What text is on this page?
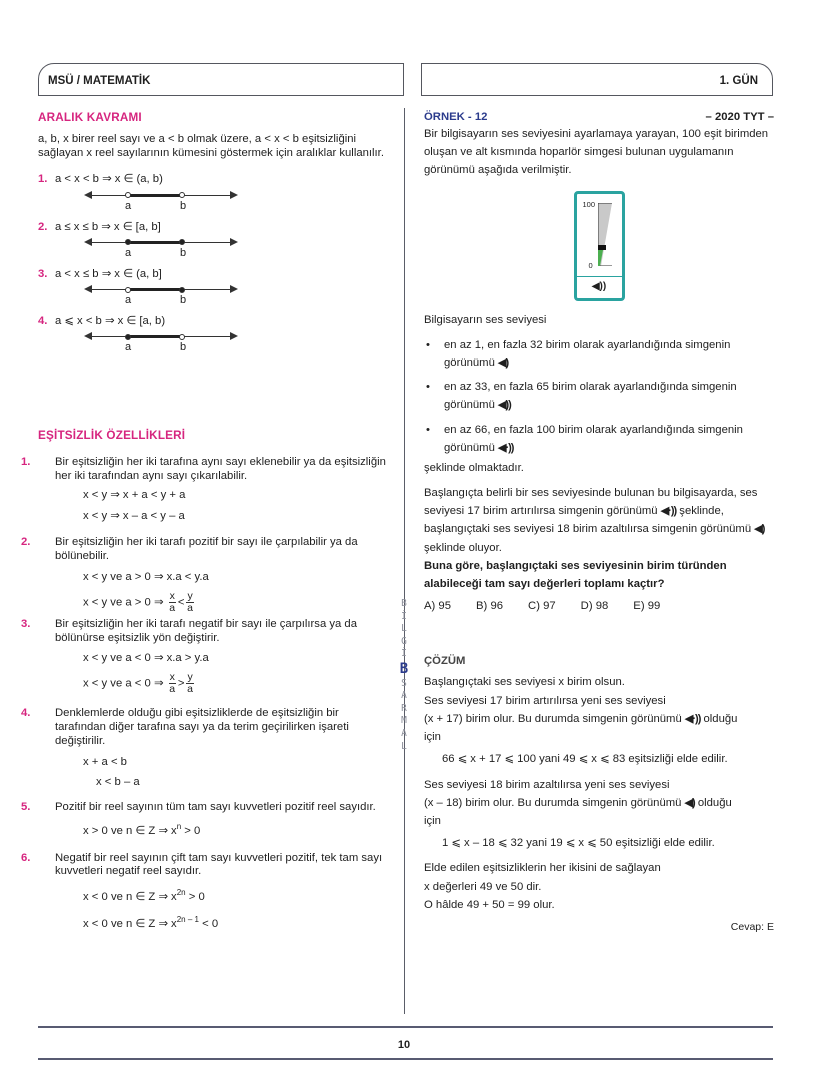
MSÜ / MATEMATİK	1. GÜN
B
İ
L
G
İ
B
S
A
R
M
A
L
ARALIK KAVRAMI

a, b, x birer reel sayı ve a < b olmak üzere, a < x < b eşitsizliğini sağlayan x reel sayılarının kümesini göstermek için aralıklar kullanılır.

1. a < x < b ⇒ x ∈ (a, b)
a	b
2. a ≤ x ≤ b ⇒ x ∈ [a, b]
a	b
3. a < x ≤ b ⇒ x ∈ (a, b]
a	b
4. a ⩽ x < b ⇒ x ∈ [a, b)
a	b
EŞİTSİZLİK ÖZELLİKLERİ

1. Bir eşitsizliğin her iki tarafına aynı sayı eklenebilir ya da eşitsizliğin her iki tarafından aynı sayı çıkarılabilir.

x < y ⇒ x + a < y + a
x < y ⇒ x – a < y – a

2. Bir eşitsizliğin her iki tarafı pozitif bir sayı ile çarpılabilir ya da bölünebilir.

x < y ve a > 0 ⇒ x.a < y.a
x < y ve a > 0 ⇒ $\frac{x}{a} < \frac{y}{a}$

3. Bir eşitsizliğin her iki tarafı negatif bir sayı ile çarpılırsa ya da bölünürse eşitsizlik yön değiştirir.

x < y ve a < 0 ⇒ x.a > y.a
x < y ve a < 0 ⇒ $\frac{x}{a} > \frac{y}{a}$

4. Denklemlerde olduğu gibi eşitsizliklerde de eşitsizliğin bir tarafından diğer tarafına sayı ya da terim geçirilirken işareti değiştirilir.

x + a < b
x < b – a

5. Pozitif bir reel sayının tüm tam sayı kuvvetleri pozitif reel sayıdır.

x > 0 ve n ∈ Z ⇒ $x^n > 0$

6. Negatif bir reel sayının çift tam sayı kuvvetleri pozitif, tek tam sayı kuvvetleri negatif reel sayıdır.

x < 0 ve n ∈ Z ⇒ $x^{2n} > 0$
x < 0 ve n ∈ Z ⇒ $x^{2n - 1} < 0$
ÖRNEK - 12	– 2020 TYT –

Bir bilgisayarın ses seviyesini ayarlamaya yarayan, 100 eşit birimden oluşan ve alt kısmında hoparlör simgesi bulunan uygulamanın görünümü aşağıda verilmiştir.

100
0
◀))

Bilgisayarın ses seviyesi

•	en az 1, en fazla 32 birim olarak ayarlandığında simgenin görünümü ◀)
•	en az 33, en fazla 65 birim olarak ayarlandığında simgenin görünümü ◀))
•	en az 66, en fazla 100 birim olarak ayarlandığında simgenin görünümü ◀·))

şeklinde olmaktadır.

Başlangıçta belirli bir ses seviyesinde bulunan bu bilgisayarda, ses seviyesi 17 birim artırılırsa simgenin görünümü ◀·)) şeklinde, başlangıçtaki ses seviyesi 18 birim azaltılırsa simgenin görünümü ◀) şeklinde oluyor.

Buna göre, başlangıçtaki ses seviyesinin birim türünden alabileceği tam sayı değerleri toplamı kaçtır?

A) 95 B) 96 C) 97 D) 98 E) 99
ÇÖZÜM

Başlangıçtaki ses seviyesi x birim olsun.

Ses seviyesi 17 birim artırılırsa yeni ses seviyesi

(x + 17) birim olur. Bu durumda simgenin görünümü ◀·)) olduğu

için

66 ⩽ x + 17 ⩽ 100 yani 49 ⩽ x ⩽ 83 eşitsizliği elde edilir.

Ses seviyesi 18 birim azaltılırsa yeni ses seviyesi

(x – 18) birim olur. Bu durumda simgenin görünümü ◀) olduğu

için

1 ⩽ x – 18 ⩽ 32 yani 19 ⩽ x ⩽ 50 eşitsizliği elde edilir.

Elde edilen eşitsizliklerin her ikisini de sağlayan

x değerleri 49 ve 50 dir.

O hâlde 49 + 50 = 99 olur.

Cevap: E

10
